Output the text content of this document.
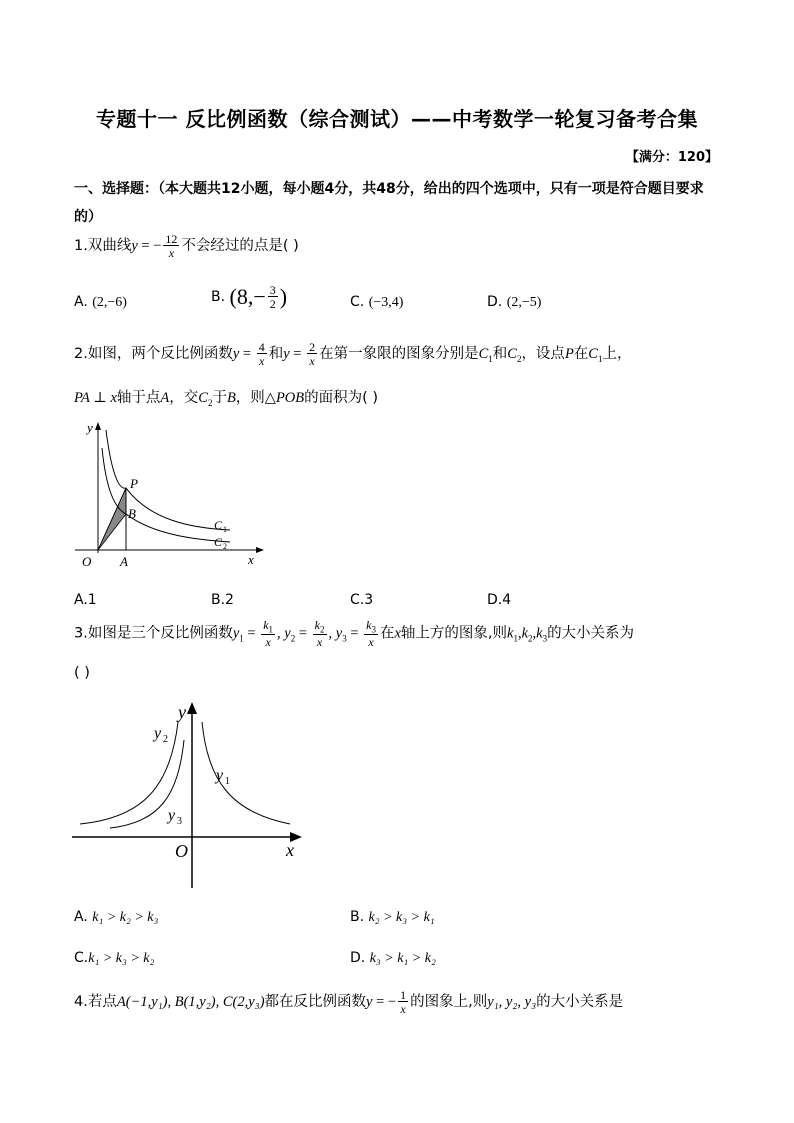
专题十一 反比例函数（综合测试）——中考数学一轮复习备考合集
【满分：120】
一、选择题：（本大题共12小题，每小题4分，共48分，给出的四个选项中，只有一项是符合题目要求的）
1.双曲线y = − $\frac{12}{x}$ 不会经过的点是( )
A. (2,−6)	B. ($8,- \frac{3}{2}$ )	C. (−3,4)	D. (2,−5)
2.如图，两个反比例函数$y = \frac{4}{x}$ 和$y = \frac{2}{x}$ 在第一象限的图象分别是$C_1$和$C_2$，设点P在$C_1$上，
PA ⊥ x轴于点A，交$C_2$于B，则△POB的面积为( )
y
x
O A
B
P
C 1
C 2
A.1	B.2	C.3	D.4
3.如图是三个反比例函数$y_1 = \frac{k_1}{x}$ , $y_2 = \frac{k_2}{x}$ , $y_3 = \frac{k_3}{x}$ 在x轴上方的图象,则$k_1,k_2,k_3$的大小关系为
( )
y
x
O
y 1
y 2
y 3
A. k₁ > k₂ > k₃	B. k₂ > k₃ > k₁
C.k₁ > k₃ > k₂	D. k₃ > k₁ > k₂
4.若点A(−1,y₁), B(1,y₂), C(2,y₃)都在反比例函数y = − $\frac{1}{x}$ 的图象上,则y₁, y₂, y₃的大小关系是
